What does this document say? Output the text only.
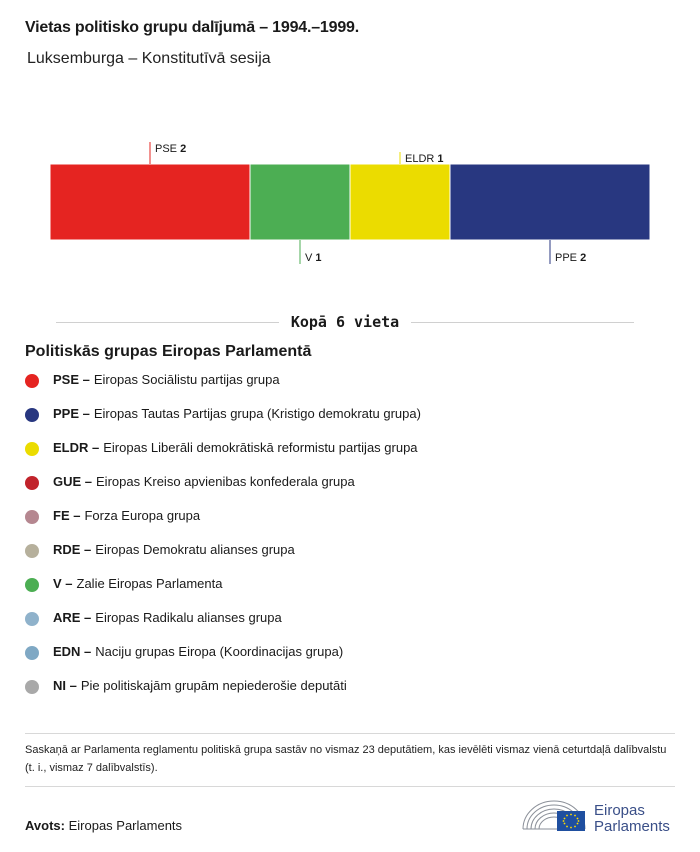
Vietas politisko grupu dalījumā – 1994.–1999.
Luksemburga – Konstitutīvā sesija
PSE 2
V 1
ELDR 1
PPE 2
Kopā 6 vieta
Politiskās grupas Eiropas Parlamentā
PSE – Eiropas Sociālistu partijas grupa
PPE – Eiropas Tautas Partijas grupa (Kristigo demokratu grupa)
ELDR – Eiropas Liberāli demokrātiskā reformistu partijas grupa
GUE – Eiropas Kreiso apvienibas konfederala grupa
FE – Forza Europa grupa
RDE – Eiropas Demokratu alianses grupa
V – Zalie Eiropas Parlamenta
ARE – Eiropas Radikalu alianses grupa
EDN – Naciju grupas Eiropa (Koordinacijas grupa)
NI – Pie politiskajām grupām nepiederošie deputāti
Saskaņā ar Parlamenta reglamentu politiskā grupa sastāv no vismaz 23 deputātiem, kas ievēlēti vismaz vienā ceturtdaļā dalībvalstu (t. i., vismaz 7 dalībvalstīs).
Avots: Eiropas Parlaments
Eiropas
Parlaments
